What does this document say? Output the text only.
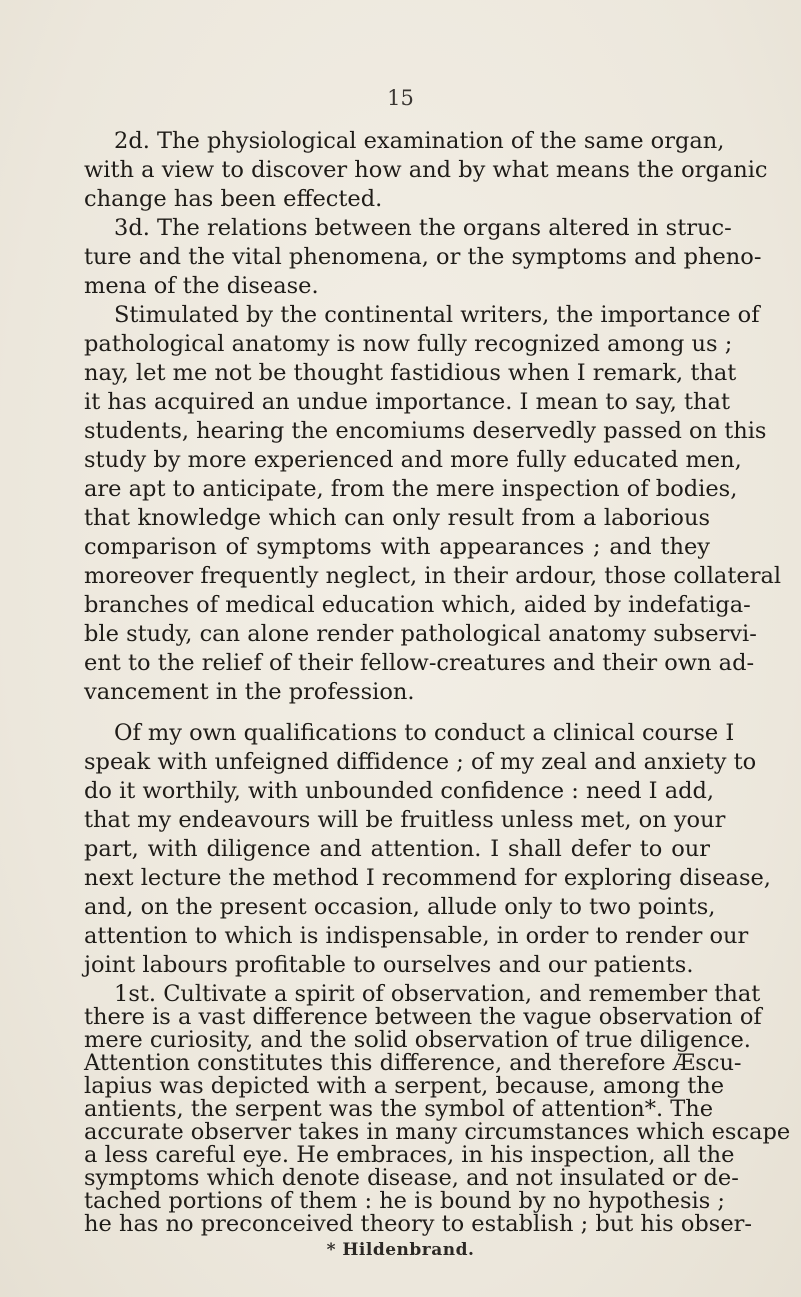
15
2d. The physiological examination of the same organ,
with a view to discover how and by what means the organic
change has been effected.
3d. The relations between the organs altered in struc-
ture and the vital phenomena, or the symptoms and pheno-
mena of the disease.
Stimulated by the continental writers, the importance of
pathological anatomy is now fully recognized among us ;
nay, let me not be thought fastidious when I remark, that
it has acquired an undue importance. I mean to say, that
students, hearing the encomiums deservedly passed on this
study by more experienced and more fully educated men,
are apt to anticipate, from the mere inspection of bodies,
that knowledge which can only result from a laborious
comparison of symptoms with appearances ; and they
moreover frequently neglect, in their ardour, those collateral
branches of medical education which, aided by indefatiga-
ble study, can alone render pathological anatomy subservi-
ent to the relief of their fellow-creatures and their own ad-
vancement in the profession.
Of my own qualifications to conduct a clinical course I
speak with unfeigned diffidence ; of my zeal and anxiety to
do it worthily, with unbounded confidence : need I add,
that my endeavours will be fruitless unless met, on your
part, with diligence and attention. I shall defer to our
next lecture the method I recommend for exploring disease,
and, on the present occasion, allude only to two points,
attention to which is indispensable, in order to render our
joint labours profitable to ourselves and our patients.
1st. Cultivate a spirit of observation, and remember that
there is a vast difference between the vague observation of
mere curiosity, and the solid observation of true diligence.
Attention constitutes this difference, and therefore Æscu-
lapius was depicted with a serpent, because, among the
antients, the serpent was the symbol of attention*. The
accurate observer takes in many circumstances which escape
a less careful eye. He embraces, in his inspection, all the
symptoms which denote disease, and not insulated or de-
tached portions of them : he is bound by no hypothesis ;
he has no preconceived theory to establish ; but his obser-
* Hildenbrand.
